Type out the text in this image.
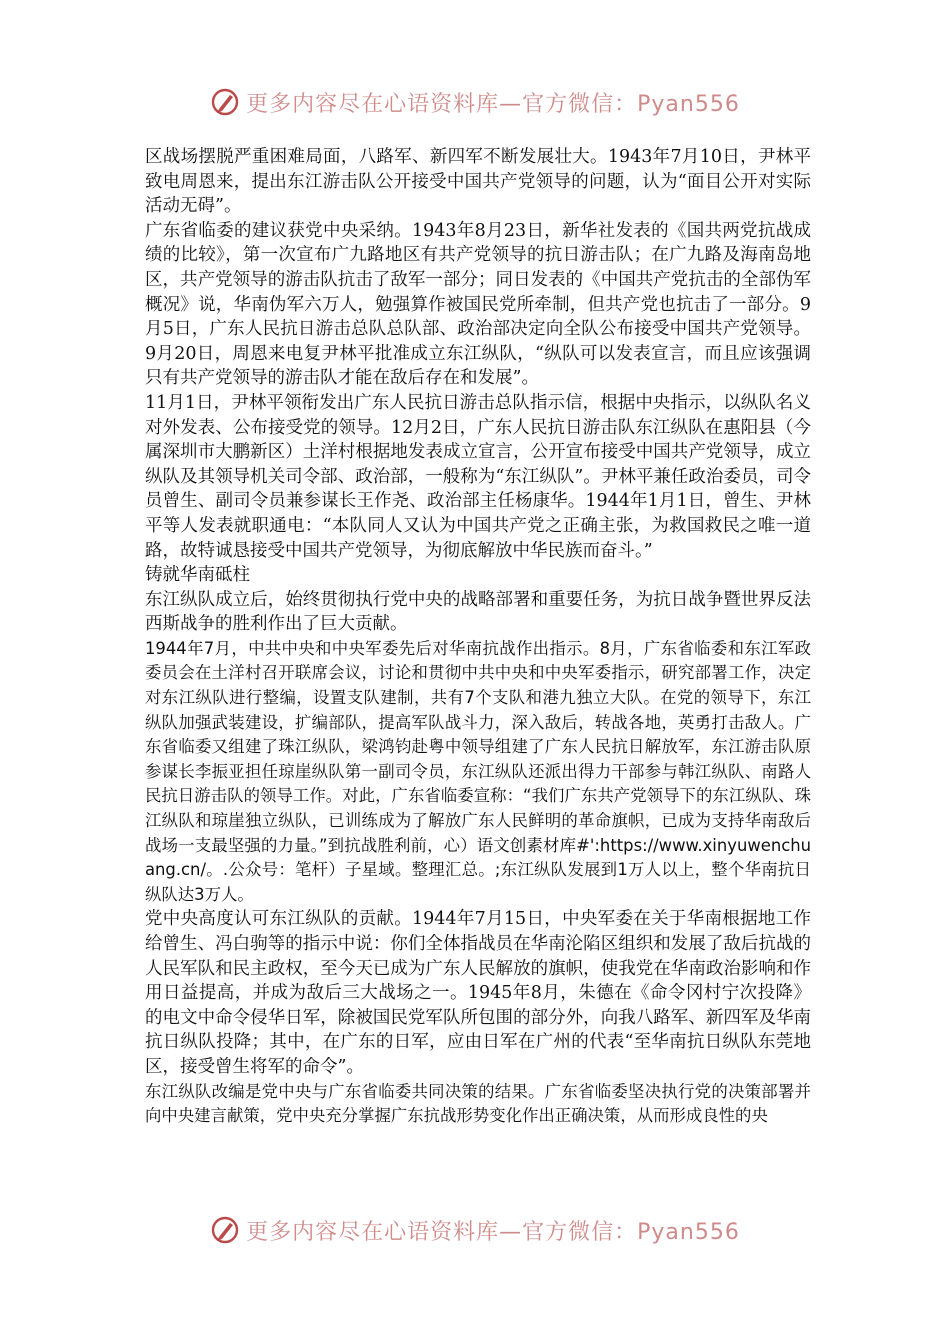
更多内容尽在心语资料库—官方微信：Pyan556

区战场摆脱严重困难局面，八路军、新四军不断发展壮大。1943年7月10日，尹林平致电周恩来，提出东江游击队公开接受中国共产党领导的问题，认为“面目公开对实际活动无碍”。

广东省临委的建议获党中央采纳。1943年8月23日，新华社发表的《国共两党抗战成绩的比较》，第一次宣布广九路地区有共产党领导的抗日游击队；在广九路及海南岛地区，共产党领导的游击队抗击了敌军一部分；同日发表的《中国共产党抗击的全部伪军概况》说，华南伪军六万人，勉强算作被国民党所牵制，但共产党也抗击了一部分。9月5日，广东人民抗日游击总队总队部、政治部决定向全队公布接受中国共产党领导。9月20日，周恩来电复尹林平批准成立东江纵队，“纵队可以发表宣言，而且应该强调只有共产党领导的游击队才能在敌后存在和发展”。

11月1日，尹林平领衔发出广东人民抗日游击总队指示信，根据中央指示，以纵队名义对外发表、公布接受党的领导。12月2日，广东人民抗日游击队东江纵队在惠阳县（今属深圳市大鹏新区）土洋村根据地发表成立宣言，公开宣布接受中国共产党领导，成立纵队及其领导机关司令部、政治部，一般称为“东江纵队”。尹林平兼任政治委员，司令员曾生、副司令员兼参谋长王作尧、政治部主任杨康华。1944年1月1日，曾生、尹林平等人发表就职通电：“本队同人又认为中国共产党之正确主张，为救国救民之唯一道路，故特诚恳接受中国共产党领导，为彻底解放中华民族而奋斗。”

铸就华南砥柱

东江纵队成立后，始终贯彻执行党中央的战略部署和重要任务，为抗日战争暨世界反法西斯战争的胜利作出了巨大贡献。

1944年7月，中共中央和中央军委先后对华南抗战作出指示。8月，广东省临委和东江军政委员会在土洋村召开联席会议，讨论和贯彻中共中央和中央军委指示，研究部署工作，决定对东江纵队进行整编，设置支队建制，共有7个支队和港九独立大队。在党的领导下，东江纵队加强武装建设，扩编部队，提高军队战斗力，深入敌后，转战各地，英勇打击敌人。广东省临委又组建了珠江纵队，梁鸿钧赴粤中领导组建了广东人民抗日解放军，东江游击队原参谋长李振亚担任琼崖纵队第一副司令员，东江纵队还派出得力干部参与韩江纵队、南路人民抗日游击队的领导工作。对此，广东省临委宣称：“我们广东共产党领导下的东江纵队、珠江纵队和琼崖独立纵队，已训练成为了解放广东人民鲜明的革命旗帜，已成为支持华南敌后战场一支最坚强的力量。”到抗战胜利前，心）语文创素材库#':https://www.xinyuwenchuang.cn/。.公众号：笔杆）子星域。整理汇总。;东江纵队发展到1万人以上，整个华南抗日纵队达3万人。

党中央高度认可东江纵队的贡献。1944年7月15日，中央军委在关于华南根据地工作给曾生、冯白驹等的指示中说：你们全体指战员在华南沦陷区组织和发展了敌后抗战的人民军队和民主政权，至今天已成为广东人民解放的旗帜，使我党在华南政治影响和作用日益提高，并成为敌后三大战场之一。1945年8月，朱德在《命令冈村宁次投降》的电文中命令侵华日军，除被国民党军队所包围的部分外，向我八路军、新四军及华南抗日纵队投降；其中，在广东的日军，应由日军在广州的代表“至华南抗日纵队东莞地区，接受曾生将军的命令”。

东江纵队改编是党中央与广东省临委共同决策的结果。广东省临委坚决执行党的决策部署并向中央建言献策，党中央充分掌握广东抗战形势变化作出正确决策，从而形成良性的央

更多内容尽在心语资料库—官方微信：Pyan556
